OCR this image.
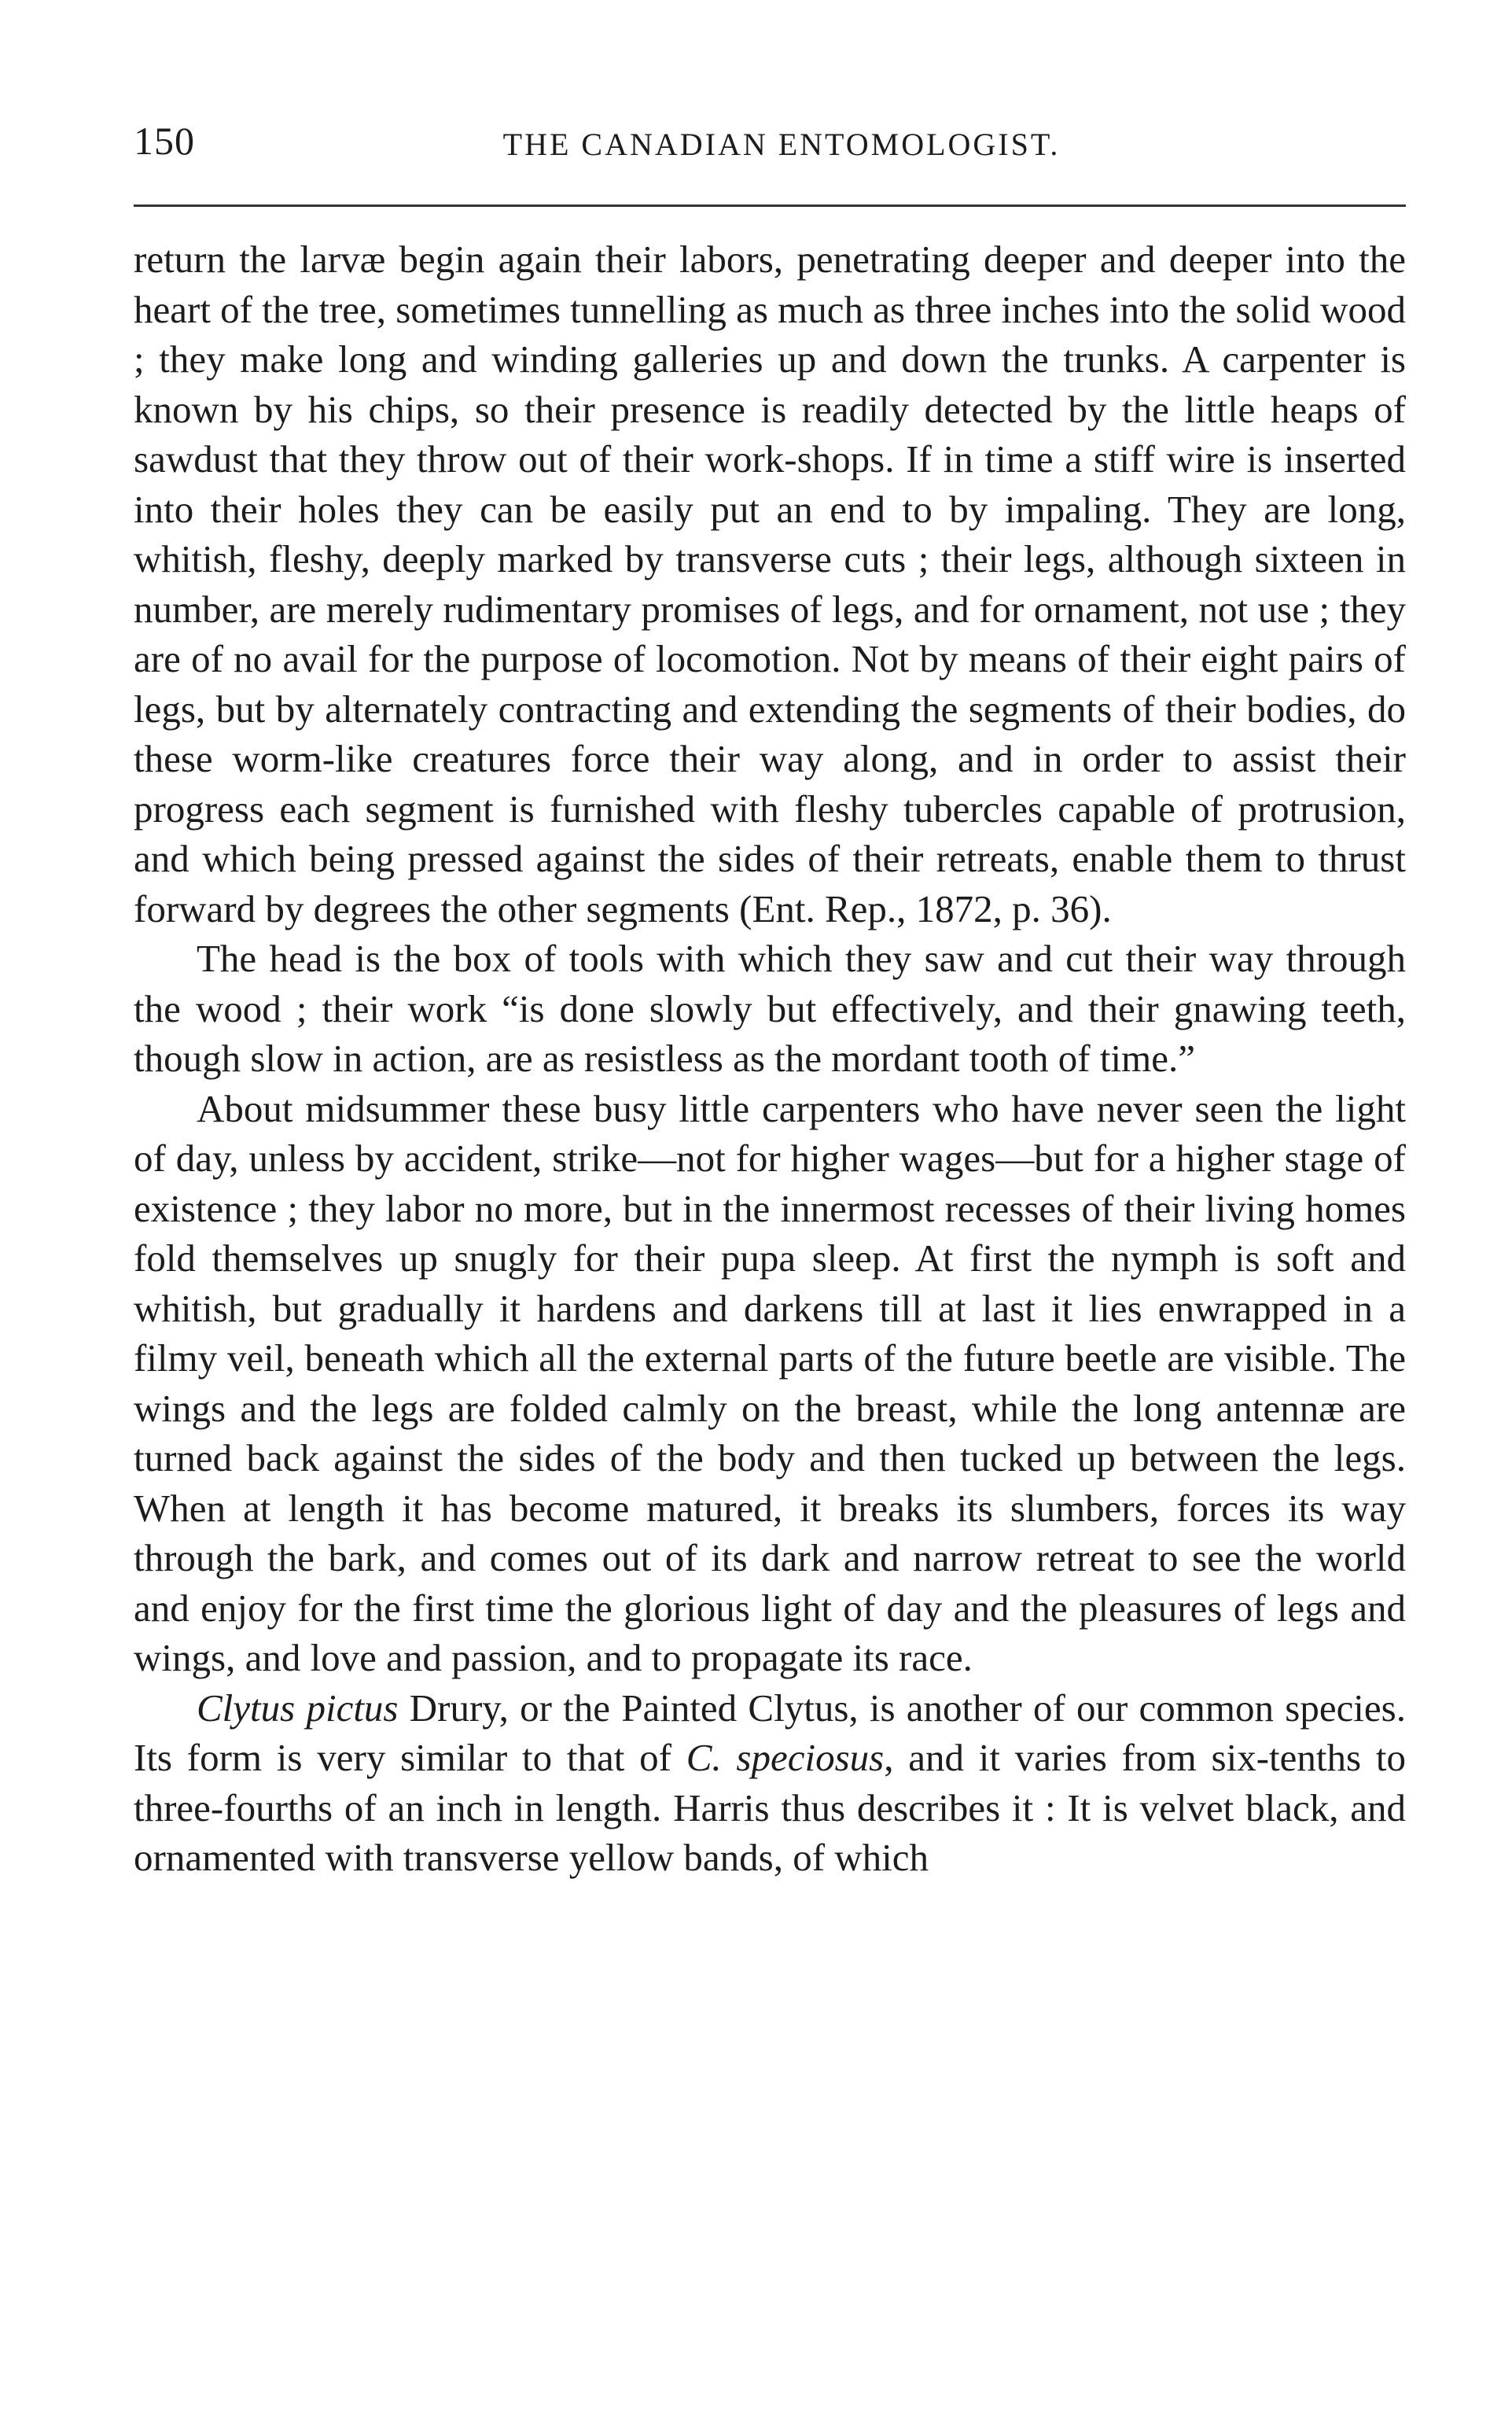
150	THE CANADIAN ENTOMOLOGIST.

return the larvæ begin again their labors, penetrating deeper and deeper into the heart of the tree, sometimes tunnelling as much as three inches into the solid wood ; they make long and winding galleries up and down the trunks. A carpenter is known by his chips, so their presence is readily detected by the little heaps of sawdust that they throw out of their work-shops. If in time a stiff wire is inserted into their holes they can be easily put an end to by impaling. They are long, whitish, fleshy, deeply marked by transverse cuts ; their legs, although sixteen in number, are merely rudimentary promises of legs, and for ornament, not use ; they are of no avail for the purpose of locomotion. Not by means of their eight pairs of legs, but by alternately contracting and extending the segments of their bodies, do these worm-like creatures force their way along, and in order to assist their progress each segment is furnished with fleshy tubercles capable of protrusion, and which being pressed against the sides of their retreats, enable them to thrust forward by degrees the other segments (Ent. Rep., 1872, p. 36).

The head is the box of tools with which they saw and cut their way through the wood ; their work “is done slowly but effectively, and their gnawing teeth, though slow in action, are as resistless as the mordant tooth of time.”

About midsummer these busy little carpenters who have never seen the light of day, unless by accident, strike—not for higher wages—but for a higher stage of existence ; they labor no more, but in the innermost recesses of their living homes fold themselves up snugly for their pupa sleep. At first the nymph is soft and whitish, but gradually it hardens and darkens till at last it lies enwrapped in a filmy veil, beneath which all the external parts of the future beetle are visible. The wings and the legs are folded calmly on the breast, while the long antennæ are turned back against the sides of the body and then tucked up between the legs. When at length it has become matured, it breaks its slumbers, forces its way through the bark, and comes out of its dark and narrow retreat to see the world and enjoy for the first time the glorious light of day and the pleasures of legs and wings, and love and passion, and to propagate its race.

Clytus pictus Drury, or the Painted Clytus, is another of our common species. Its form is very similar to that of C. speciosus, and it varies from six-tenths to three-fourths of an inch in length. Harris thus describes it : It is velvet black, and ornamented with transverse yellow bands, of which
